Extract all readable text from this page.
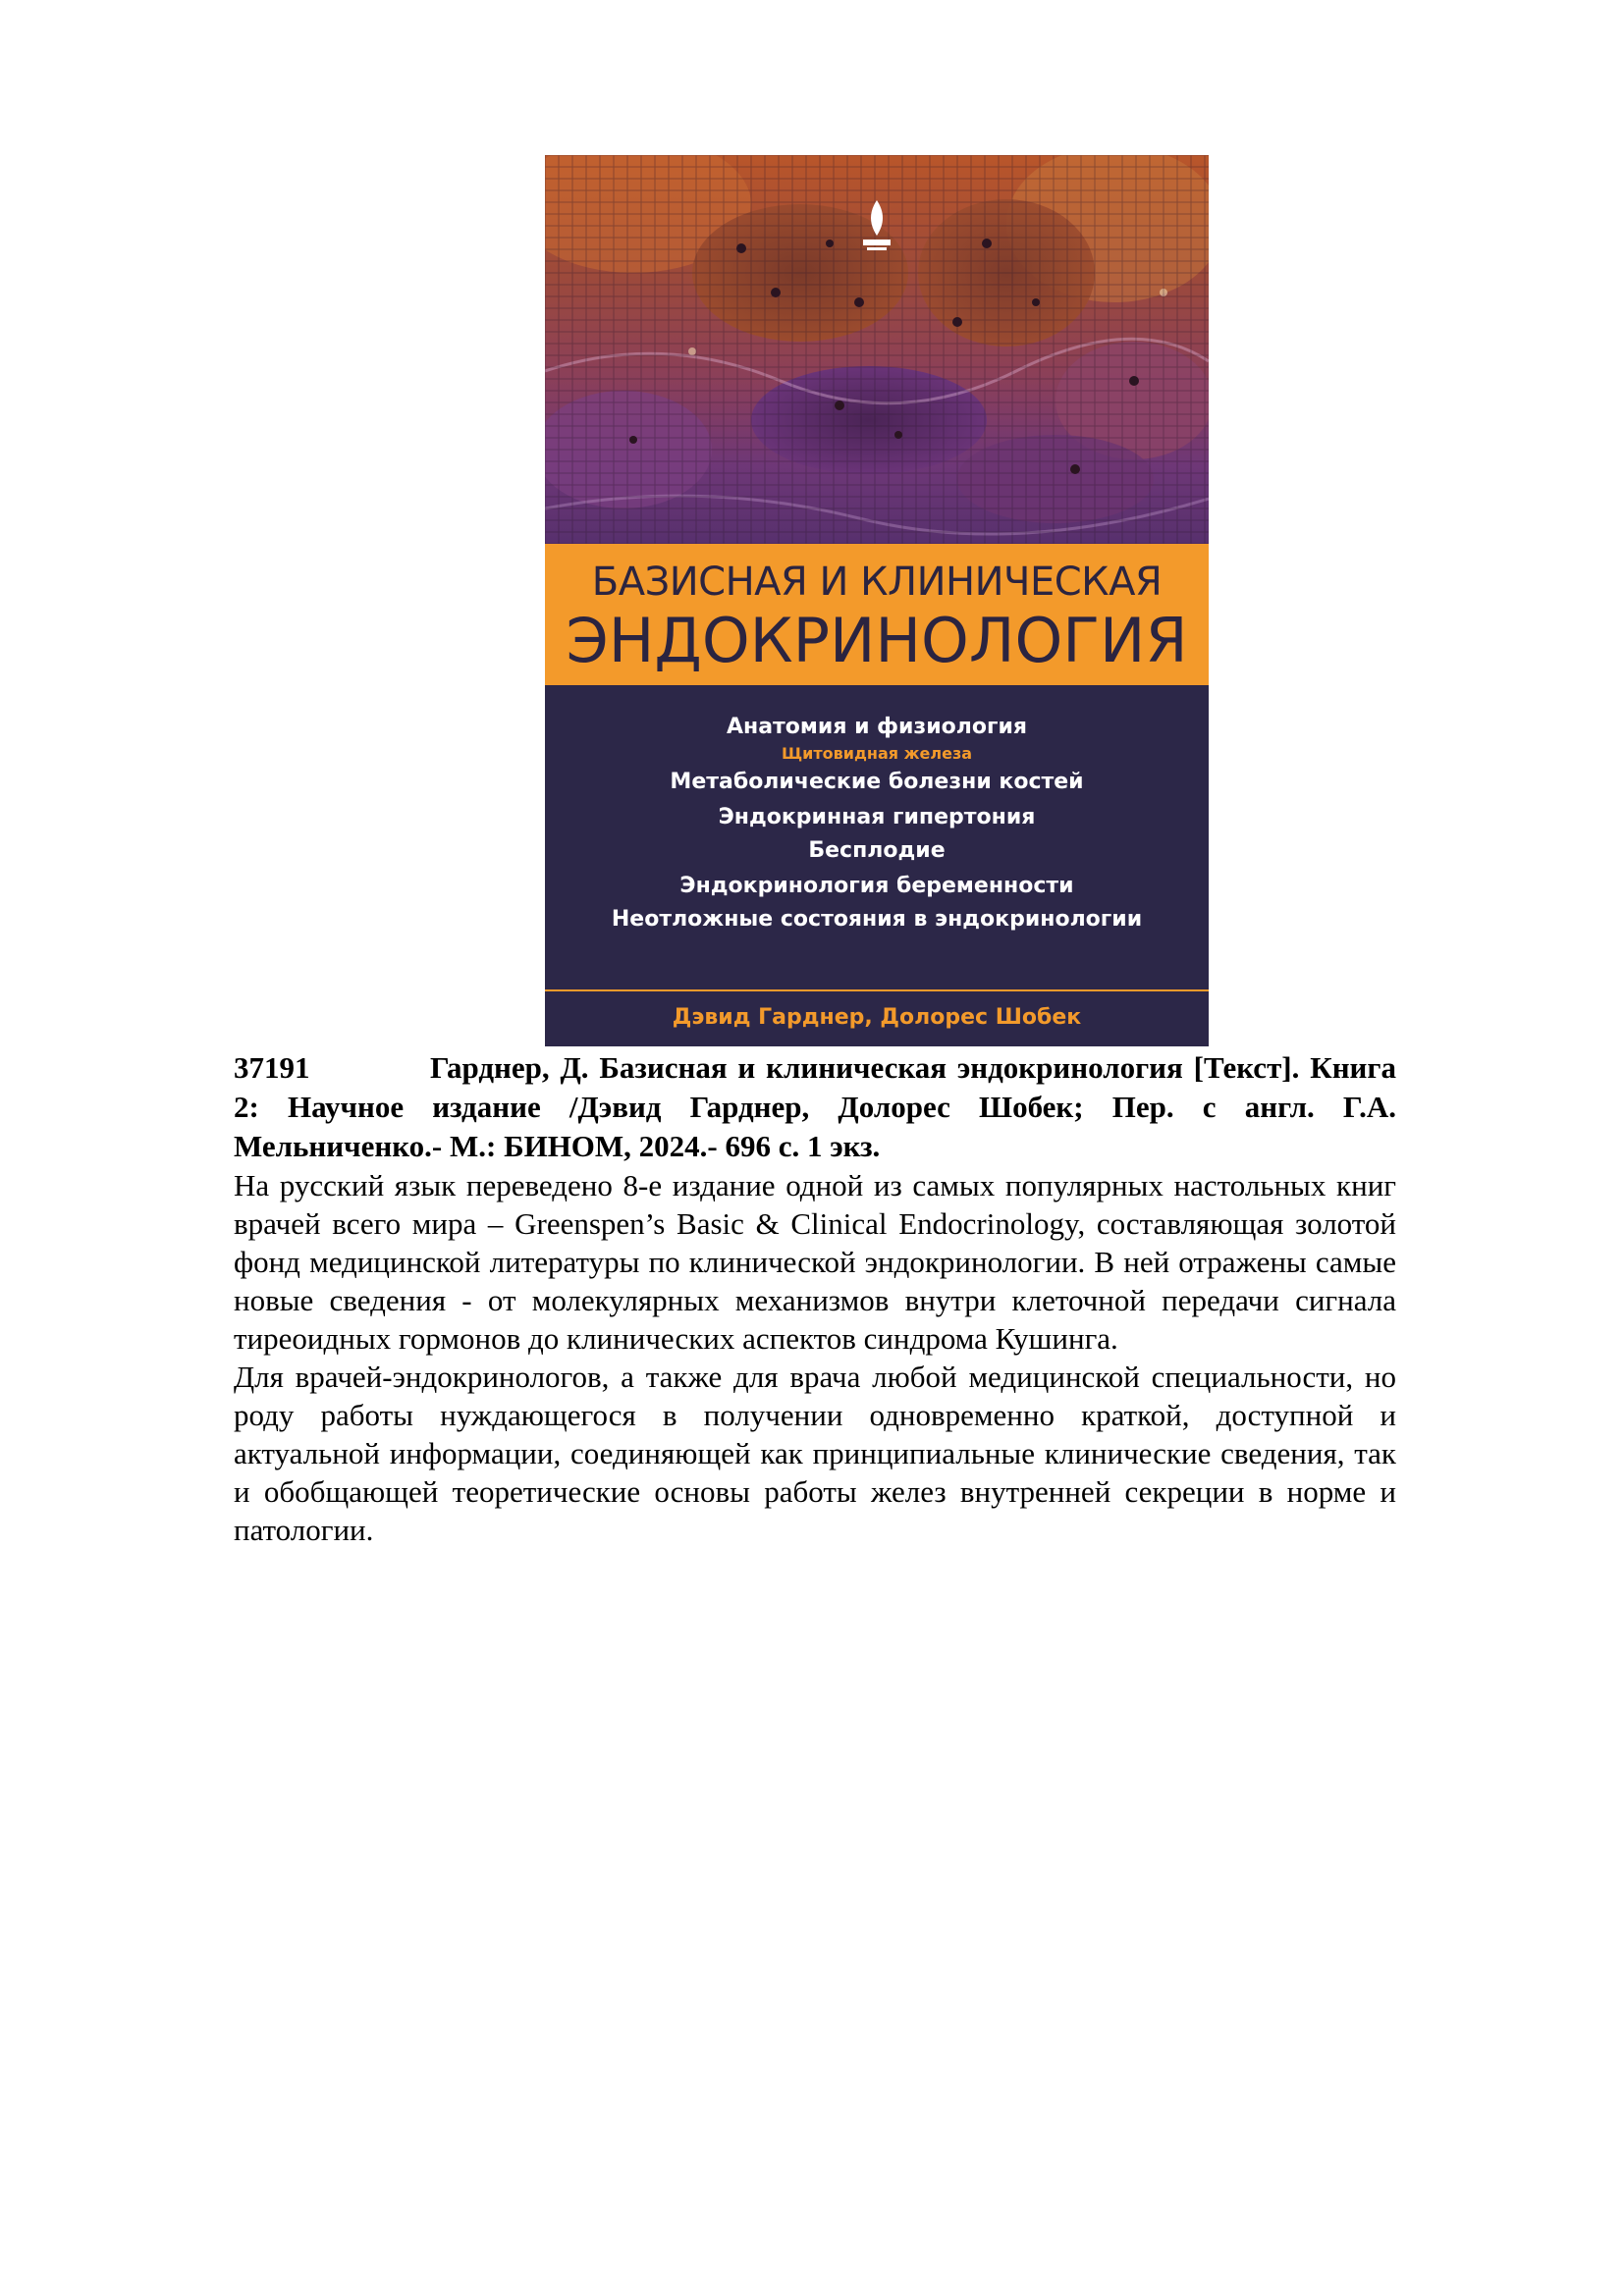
БАЗИСНАЯ И КЛИНИЧЕСКАЯ
ЭНДОКРИНОЛОГИЯ
Анатомия и физиология
Щитовидная железа
Метаболические болезни костей
Эндокринная гипертония
Бесплодие
Эндокринология беременности
Неотложные состояния в эндокринологии
Дэвид Гарднер, Долорес Шобек

37191	Гарднер, Д. Базисная и клиническая эндокринология [Текст]. Книга 2: Научное издание /Дэвид Гарднер, Долорес Шобек; Пер. с англ. Г.А. Мельниченко.- М.: БИНОМ, 2024.- 696 с. 1 экз.

На русский язык переведено 8-е издание одной из самых популярных настольных книг врачей всего мира – Greenspen’s Basic & Clinical Endocrinology, составляющая золотой фонд медицинской литературы по клинической эндокринологии. В ней отражены самые новые сведения - от молекулярных механизмов внутри клеточной передачи сигнала тиреоидных гормонов до клинических аспектов синдрома Кушинга.

Для врачей-эндокринологов, а также для врача любой медицинской специальности, но роду работы нуждающегося в получении одновременно краткой, доступной и актуальной информации, соединяющей как принципиальные клинические сведения, так и обобщающей теоретические основы работы желез внутренней секреции в норме и патологии.
